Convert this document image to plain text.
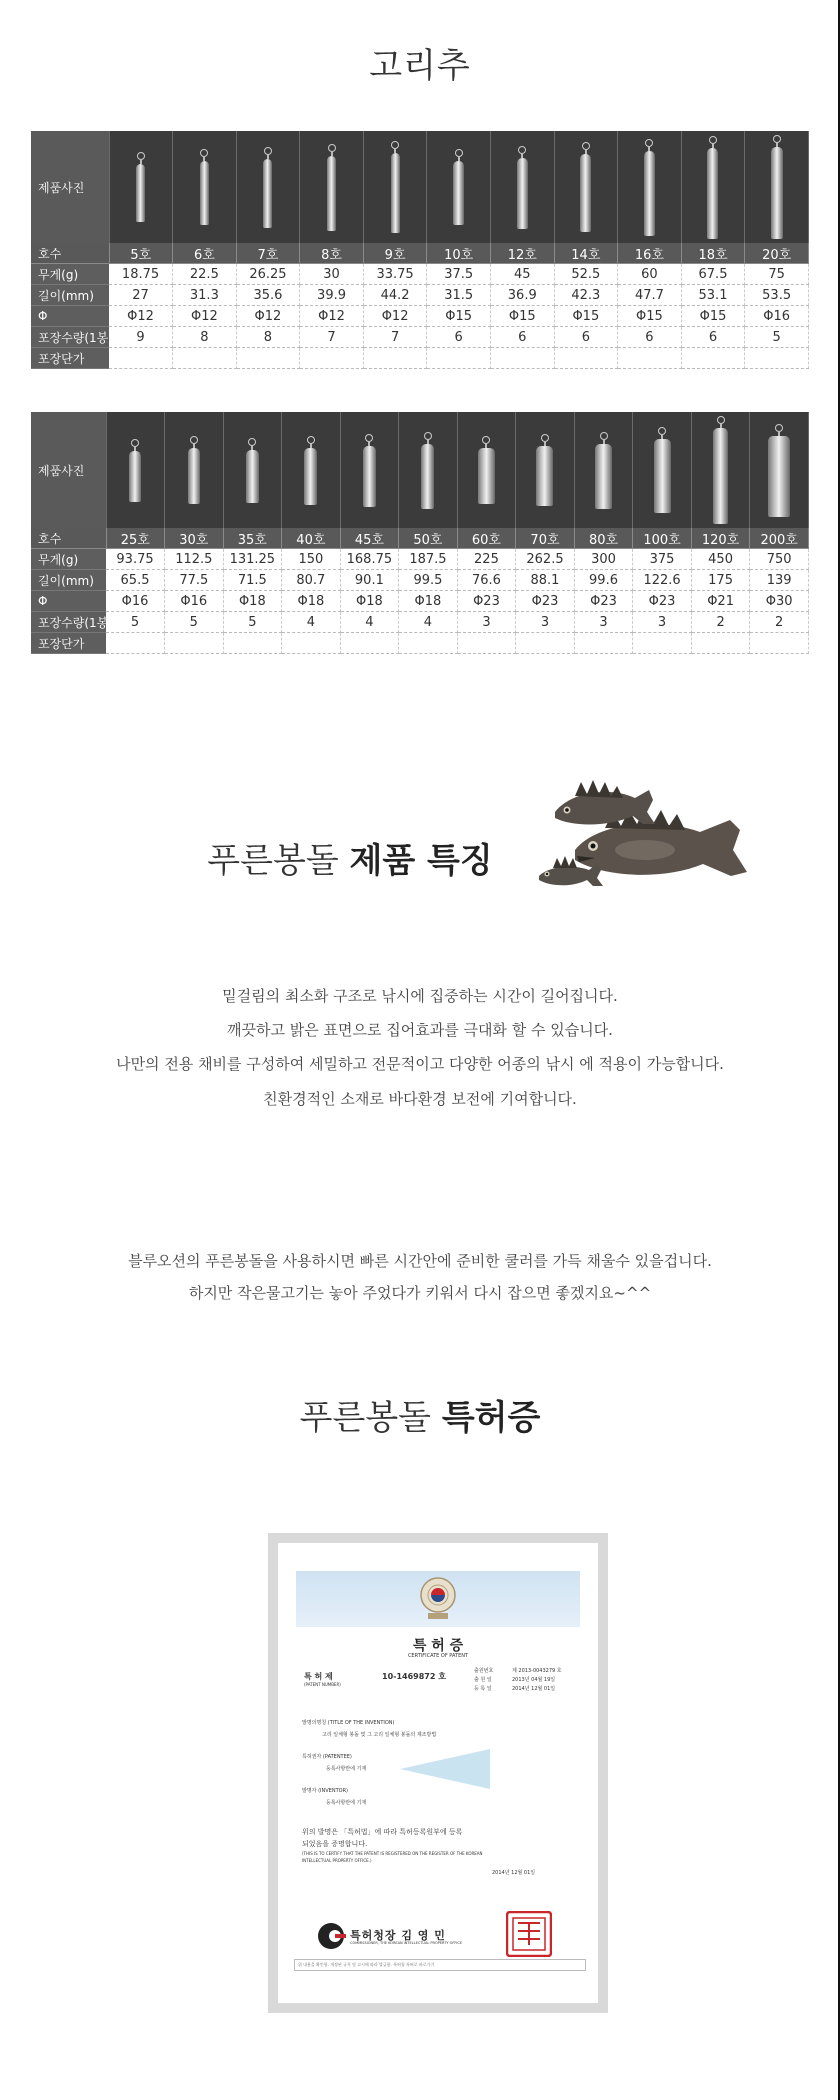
고리추
제품사진	

호수	5호	6호	7호	8호	9호	10호	12호	14호	16호	18호	20호
무게(g)	18.75	22.5	26.25	30	33.75	37.5	45	52.5	60	67.5	75
길이(mm)	27	31.3	35.6	39.9	44.2	31.5	36.9	42.3	47.7	53.1	53.5
Φ	Φ12	Φ12	Φ12	Φ12	Φ12	Φ15	Φ15	Φ15	Φ15	Φ15	Φ16
포장수량(1봉)	9	8	8	7	7	6	6	6	6	6	5
포장단가											
제품사진	

호수	25호	30호	35호	40호	45호	50호	60호	70호	80호	100호	120호	200호
무게(g)	93.75	112.5	131.25	150	168.75	187.5	225	262.5	300	375	450	750
길이(mm)	65.5	77.5	71.5	80.7	90.1	99.5	76.6	88.1	99.6	122.6	175	139
Φ	Φ16	Φ16	Φ18	Φ18	Φ18	Φ18	Φ23	Φ23	Φ23	Φ23	Φ21	Φ30
포장수량(1봉)	5	5	5	4	4	4	3	3	3	3	2	2
포장단가												
푸른봉돌 제품 특징
밑걸림의 최소화 구조로 낚시에 집중하는 시간이 길어집니다.
깨끗하고 밝은 표면으로 집어효과를 극대화 할 수 있습니다.
나만의 전용 채비를 구성하여 세밀하고 전문적이고 다양한 어종의 낚시 에 적용이 가능합니다.
친환경적인 소재로 바다환경 보전에 기여합니다.
블루오션의 푸른봉돌을 사용하시면 빠른 시간안에 준비한 쿨러를 가득 채울수 있을겁니다.
하지만 작은물고기는 놓아 주었다가 키워서 다시 잡으면 좋겠지요~^^
푸른봉돌 특허증
특 허 증
CERTIFICATE OF PATENT
특 허 제	10-1469872 호
(PATENT NUMBER)
출원번호
출 원 일
등 록 일
제 2013-0043279 호
2013년 04월 19일
2014년 12월 01일
발명의명칭 (TITLE OF THE INVENTION)
고리 일체형 봉돌 및 그 고리 일체형 봉돌의 제조방법
특허권자 (PATENTEE)
등록사항란에 기재
발명자 (INVENTOR)
등록사항란에 기재
위의 발명은 「특허법」에 따라 특허등록원부에 등록
되었음을 증명합니다.
(THIS IS TO CERTIFY THAT THE PATENT IS REGISTERED ON THE REGISTER OF THE KOREAN
INTELLECTUAL PROPERTY OFFICE.)
2014년 12월 01일
특허청장 김 영 민
COMMISSIONER, THE KOREAN INTELLECTUAL PROPERTY OFFICE
위 내용을 확인함. 개정된 규칙 및 고시에 따라 발급함. 특허청 특허로 바로가기
